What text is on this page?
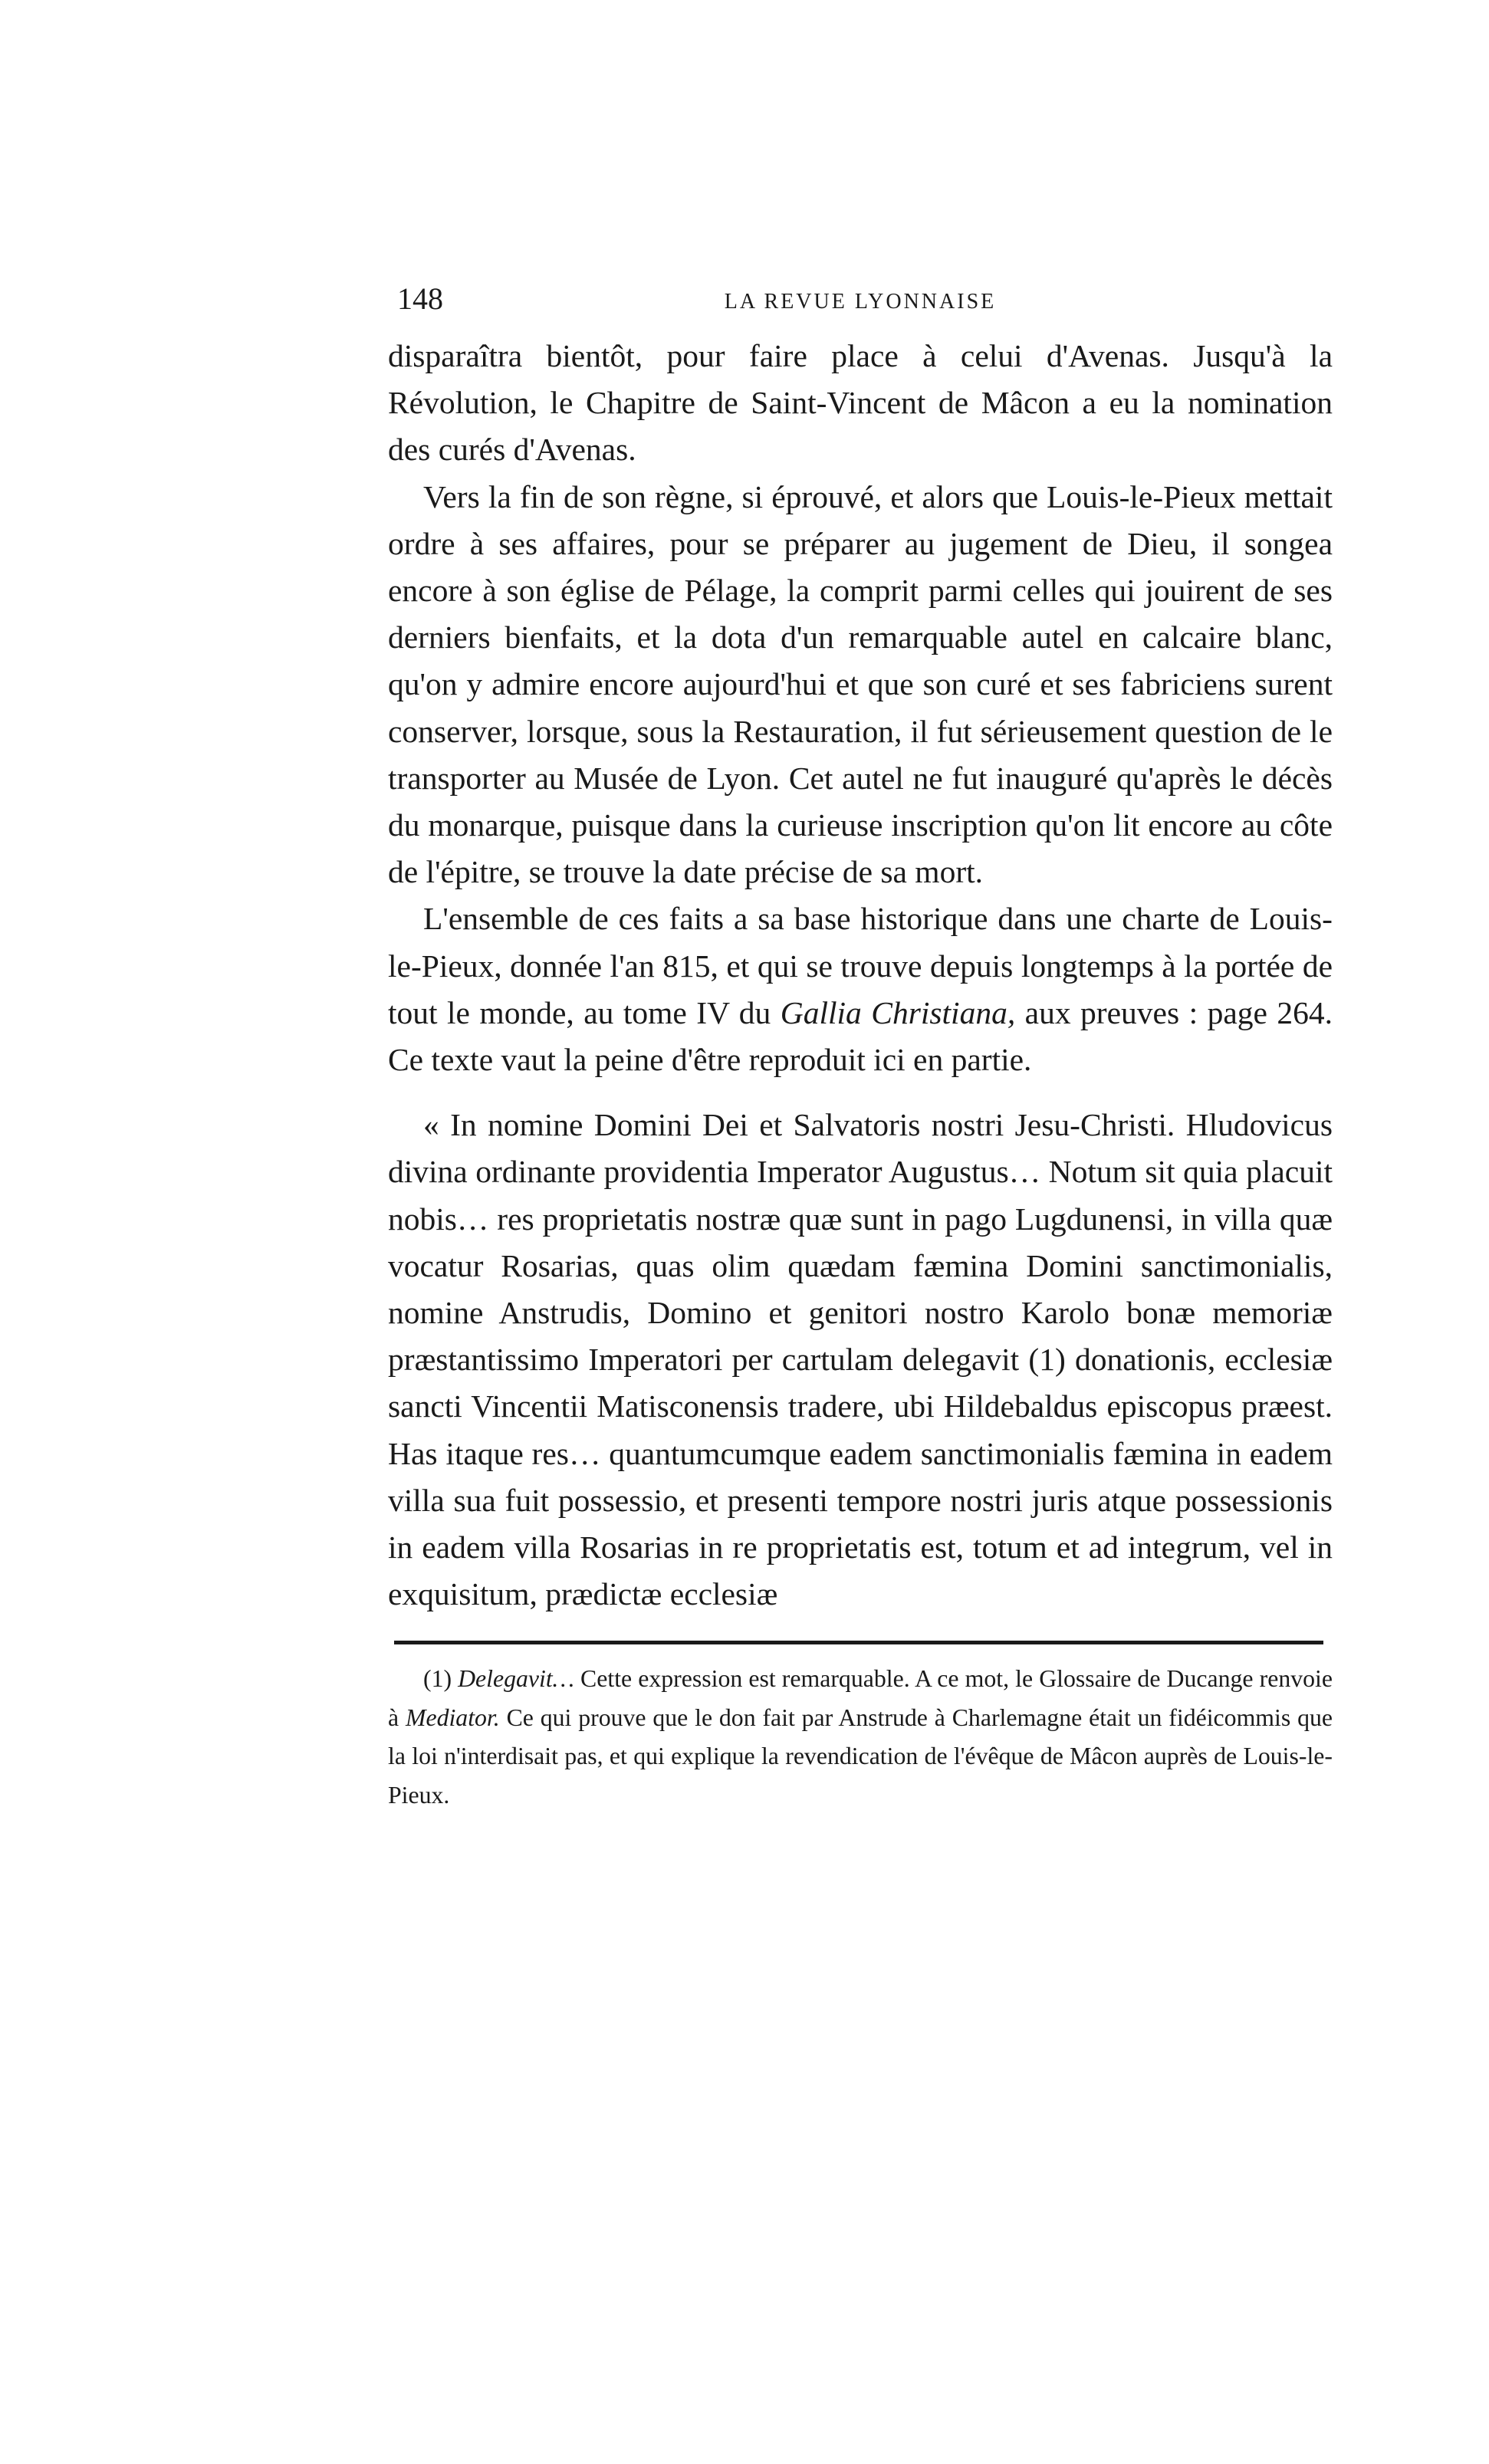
148	LA REVUE LYONNAISE

disparaîtra bientôt, pour faire place à celui d'Avenas. Jusqu'à la Révolution, le Chapitre de Saint-Vincent de Mâcon a eu la nomination des curés d'Avenas.

Vers la fin de son règne, si éprouvé, et alors que Louis-le-Pieux mettait ordre à ses affaires, pour se préparer au jugement de Dieu, il songea encore à son église de Pélage, la comprit parmi celles qui jouirent de ses derniers bienfaits, et la dota d'un remarquable autel en calcaire blanc, qu'on y admire encore aujourd'hui et que son curé et ses fabriciens surent conserver, lorsque, sous la Restauration, il fut sérieusement question de le transporter au Musée de Lyon. Cet autel ne fut inauguré qu'après le décès du monarque, puisque dans la curieuse inscription qu'on lit encore au côte de l'épitre, se trouve la date précise de sa mort.

L'ensemble de ces faits a sa base historique dans une charte de Louis-le-Pieux, donnée l'an 815, et qui se trouve depuis longtemps à la portée de tout le monde, au tome IV du Gallia Christiana, aux preuves : page 264. Ce texte vaut la peine d'être reproduit ici en partie.

« In nomine Domini Dei et Salvatoris nostri Jesu-Christi. Hludovicus divina ordinante providentia Imperator Augustus… Notum sit quia placuit nobis… res proprietatis nostræ quæ sunt in pago Lugdunensi, in villa quæ vocatur Rosarias, quas olim quædam fæmina Domini sanctimonialis, nomine Anstrudis, Domino et genitori nostro Karolo bonæ memoriæ præstantissimo Imperatori per cartulam delegavit (1) donationis, ecclesiæ sancti Vincentii Matisconensis tradere, ubi Hildebaldus episcopus præest. Has itaque res… quantumcumque eadem sanctimonialis fæmina in eadem villa sua fuit possessio, et presenti tempore nostri juris atque possessionis in eadem villa Rosarias in re proprietatis est, totum et ad integrum, vel in exquisitum, prædictæ ecclesiæ

(1) Delegavit… Cette expression est remarquable. A ce mot, le Glossaire de Ducange renvoie à Mediator. Ce qui prouve que le don fait par Anstrude à Charlemagne était un fidéicommis que la loi n'interdisait pas, et qui explique la revendication de l'évêque de Mâcon auprès de Louis-le-Pieux.
